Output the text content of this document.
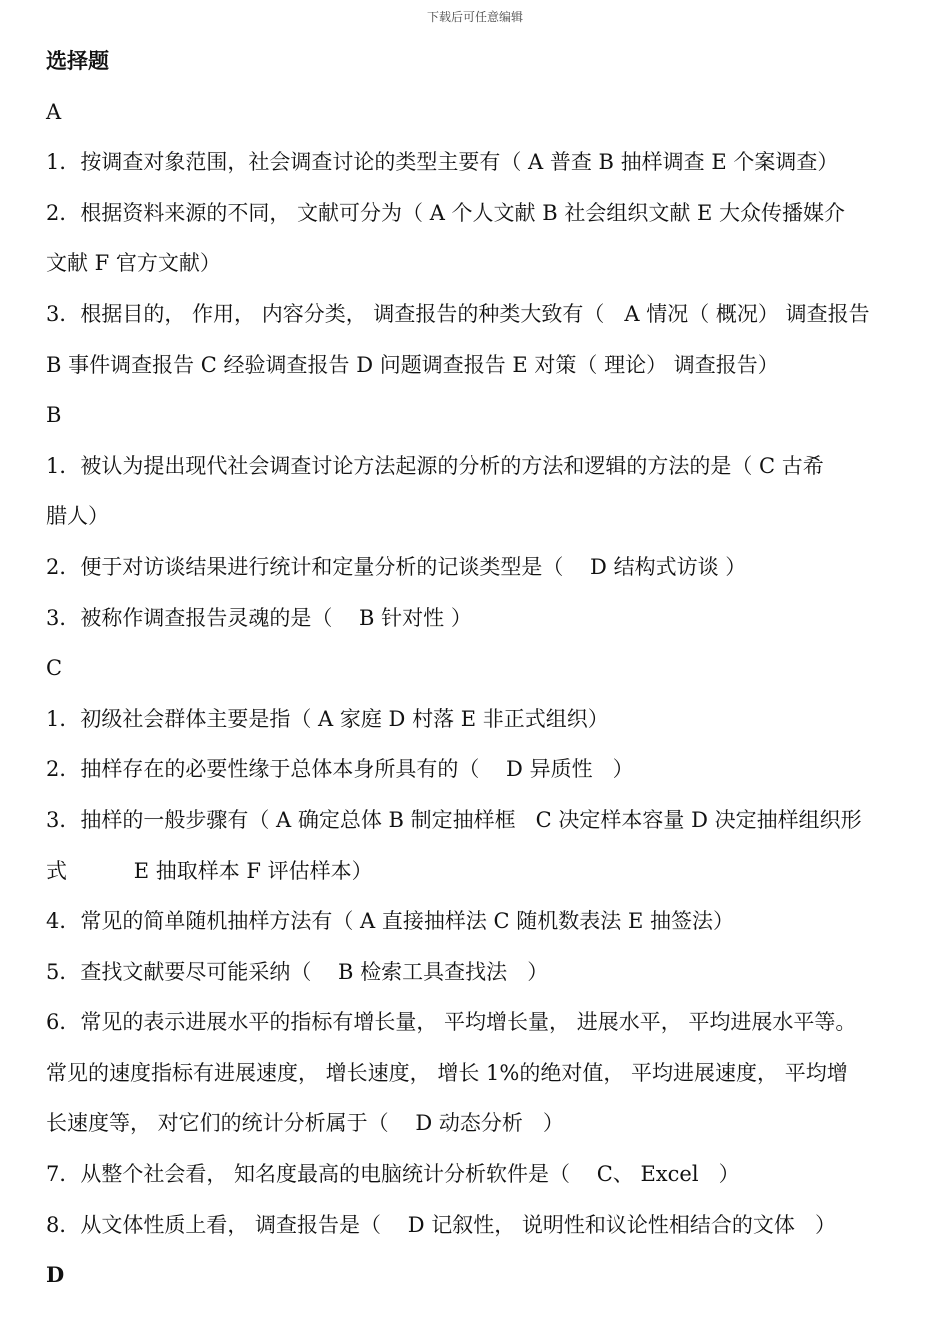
下载后可任意编辑
选择题
A
1．按调查对象范围，社会调查讨论的类型主要有（ A 普查 B 抽样调查 E 个案调查）
2．根据资料来源的不同， 文献可分为（ A 个人文献 B 社会组织文献 E 大众传播媒介
文献 F 官方文献）
3．根据目的， 作用， 内容分类， 调查报告的种类大致有（   A 情况（ 概况） 调查报告
B 事件调查报告 C 经验调查报告 D 问题调查报告 E 对策（ 理论） 调查报告）
B
1．被认为提出现代社会调查讨论方法起源的分析的方法和逻辑的方法的是（ C 古希
腊人）
2．便于对访谈结果进行统计和定量分析的记谈类型是（    D 结构式访谈 ）
3．被称作调查报告灵魂的是（    B 针对性 ）
C
1．初级社会群体主要是指（ A 家庭 D 村落 E 非正式组织）
2．抽样存在的必要性缘于总体本身所具有的（    D 异质性   ）
3．抽样的一般步骤有（ A 确定总体 B 制定抽样框   C 决定样本容量 D 决定抽样组织形
式          E 抽取样本 F 评估样本）
4．常见的简单随机抽样方法有（ A 直接抽样法 C 随机数表法 E 抽签法）
5．查找文献要尽可能采纳（    B 检索工具查找法   ）
6．常见的表示进展水平的指标有增长量， 平均增长量， 进展水平， 平均进展水平等。
常见的速度指标有进展速度， 增长速度， 增长 1%的绝对值， 平均进展速度， 平均增
长速度等， 对它们的统计分析属于（    D 动态分析   ）
7．从整个社会看， 知名度最高的电脑统计分析软件是（    C、 Excel   ）
8．从文体性质上看， 调查报告是（    D 记叙性， 说明性和议论性相结合的文体   ）
D
